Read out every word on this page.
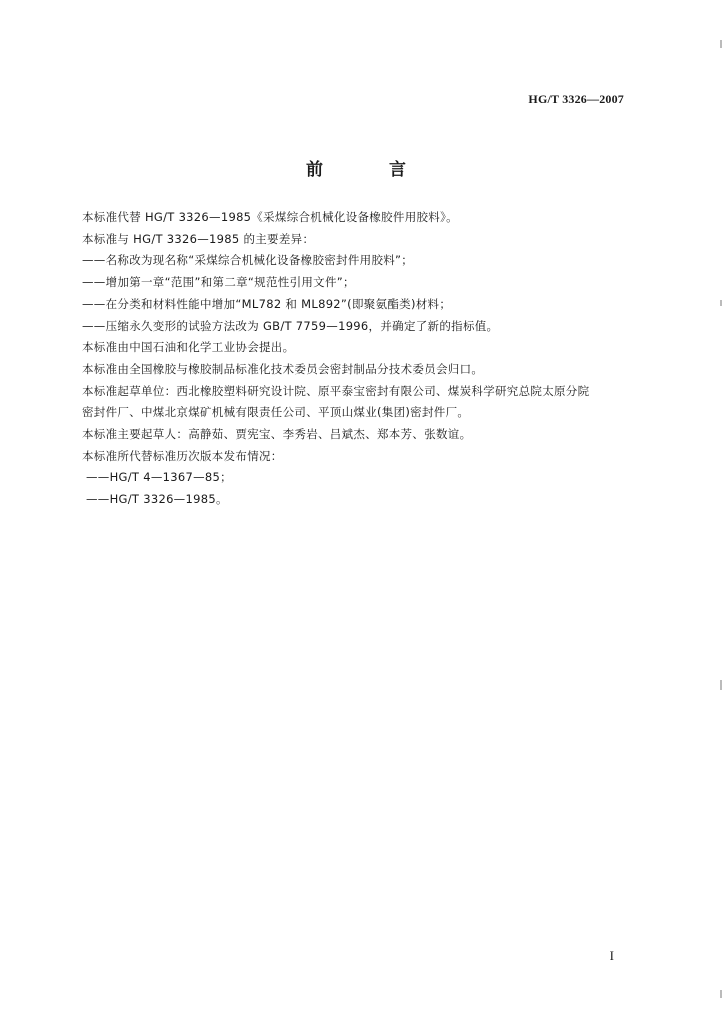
HG/T 3326—2007
前 言
本标准代替 HG/T 3326—1985《采煤综合机械化设备橡胶件用胶料》。
本标准与 HG/T 3326—1985 的主要差异：
——名称改为现名称“采煤综合机械化设备橡胶密封件用胶料”；
——增加第一章“范围”和第二章“规范性引用文件”；
——在分类和材料性能中增加“ML782 和 ML892”(即聚氨酯类)材料；
——压缩永久变形的试验方法改为 GB/T 7759—1996，并确定了新的指标值。
本标准由中国石油和化学工业协会提出。
本标准由全国橡胶与橡胶制品标准化技术委员会密封制品分技术委员会归口。
本标准起草单位：西北橡胶塑料研究设计院、原平泰宝密封有限公司、煤炭科学研究总院太原分院
密封件厂、中煤北京煤矿机械有限责任公司、平顶山煤业(集团)密封件厂。
本标准主要起草人：高静茹、贾宪宝、李秀岩、吕斌杰、郑本芳、张数谊。
本标准所代替标准历次版本发布情况：
——HG/T 4—1367—85；
——HG/T 3326—1985。
I
